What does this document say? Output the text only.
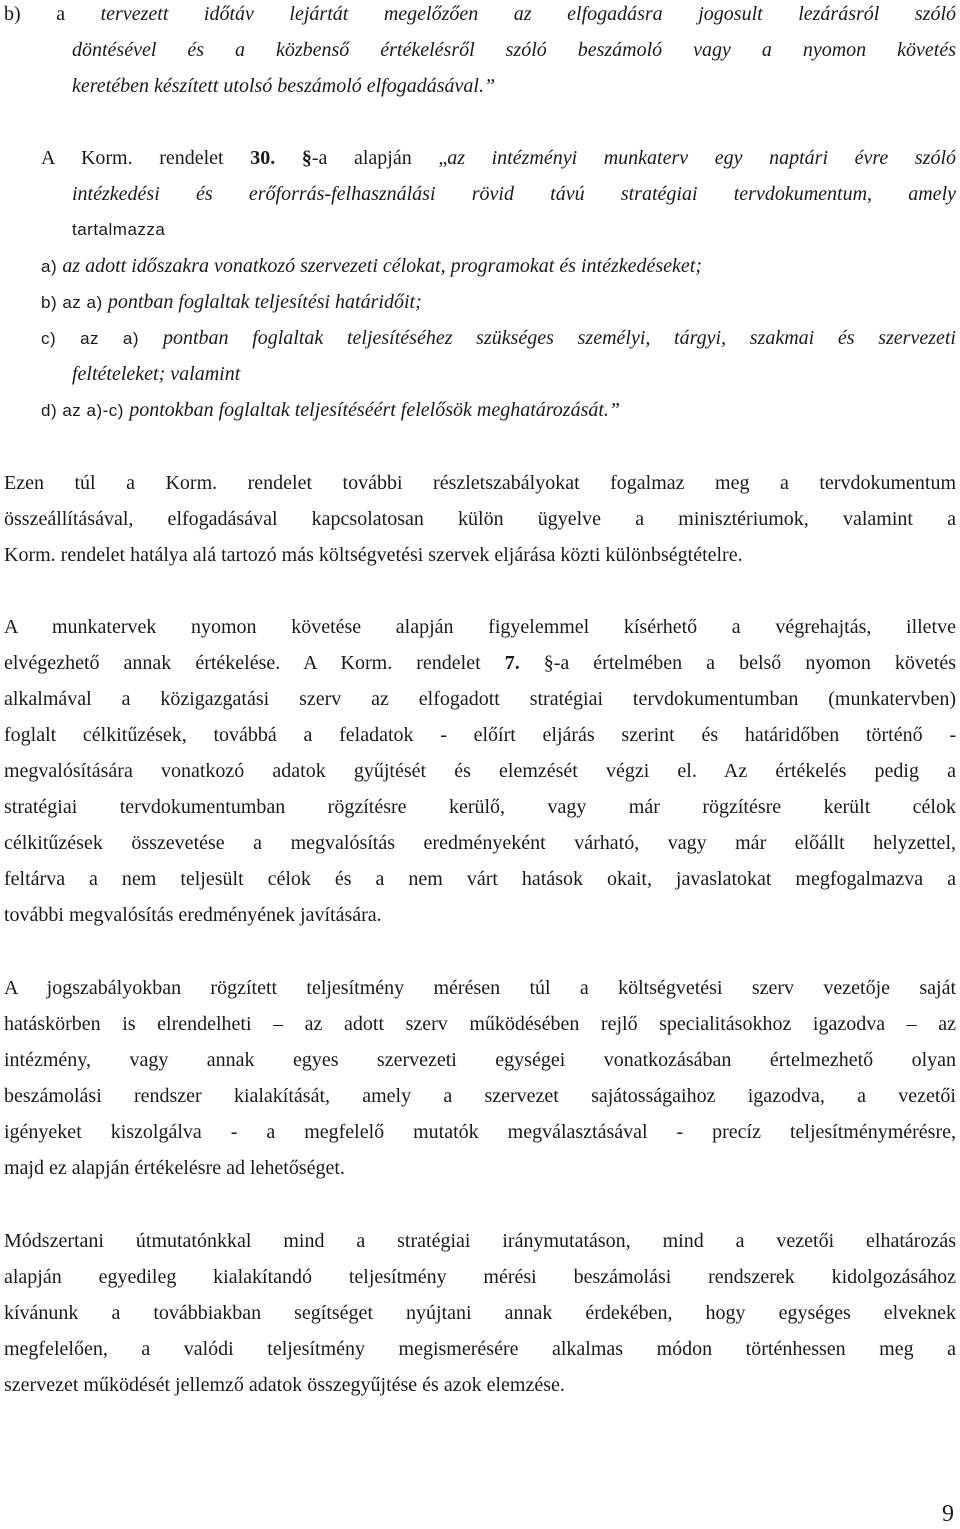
b) a tervezett időtáv lejártát megelőzően az elfogadásra jogosult lezárásról szóló
döntésével és a közbenső értékelésről szóló beszámoló vagy a nyomon követés
keretében készített utolsó beszámoló elfogadásával.”
A Korm. rendelet 30. §-a alapján „az intézményi munkaterv egy naptári évre szóló
intézkedési és erőforrás-felhasználási rövid távú stratégiai tervdokumentum, amely
tartalmazza
a) az adott időszakra vonatkozó szervezeti célokat, programokat és intézkedéseket;
b) az a) pontban foglaltak teljesítési határidőit;
c) az a) pontban foglaltak teljesítéséhez szükséges személyi, tárgyi, szakmai és szervezeti
feltételeket; valamint
d) az a)-c) pontokban foglaltak teljesítéséért felelősök meghatározását.”
Ezen túl a Korm. rendelet további részletszabályokat fogalmaz meg a tervdokumentum
összeállításával, elfogadásával kapcsolatosan külön ügyelve a minisztériumok, valamint a
Korm. rendelet hatálya alá tartozó más költségvetési szervek eljárása közti különbségtételre.
A munkatervek nyomon követése alapján figyelemmel kísérhető a végrehajtás, illetve
elvégezhető annak értékelése. A Korm. rendelet 7. §-a értelmében a belső nyomon követés
alkalmával a közigazgatási szerv az elfogadott stratégiai tervdokumentumban (munkatervben)
foglalt célkitűzések, továbbá a feladatok - előírt eljárás szerint és határidőben történő -
megvalósítására vonatkozó adatok gyűjtését és elemzését végzi el. Az értékelés pedig a
stratégiai tervdokumentumban rögzítésre kerülő, vagy már rögzítésre került célok
célkitűzések összevetése a megvalósítás eredményeként várható, vagy már előállt helyzettel,
feltárva a nem teljesült célok és a nem várt hatások okait, javaslatokat megfogalmazva a
további megvalósítás eredményének javítására.
A jogszabályokban rögzített teljesítmény mérésen túl a költségvetési szerv vezetője saját
hatáskörben is elrendelheti – az adott szerv működésében rejlő specialitásokhoz igazodva – az
intézmény, vagy annak egyes szervezeti egységei vonatkozásában értelmezhető olyan
beszámolási rendszer kialakítását, amely a szervezet sajátosságaihoz igazodva, a vezetői
igényeket kiszolgálva - a megfelelő mutatók megválasztásával - precíz teljesítménymérésre,
majd ez alapján értékelésre ad lehetőséget.
Módszertani útmutatónkkal mind a stratégiai iránymutatáson, mind a vezetői elhatározás
alapján egyedileg kialakítandó teljesítmény mérési beszámolási rendszerek kidolgozásához
kívánunk a továbbiakban segítséget nyújtani annak érdekében, hogy egységes elveknek
megfelelően, a valódi teljesítmény megismerésére alkalmas módon történhessen meg a
szervezet működését jellemző adatok összegyűjtése és azok elemzése.
9
